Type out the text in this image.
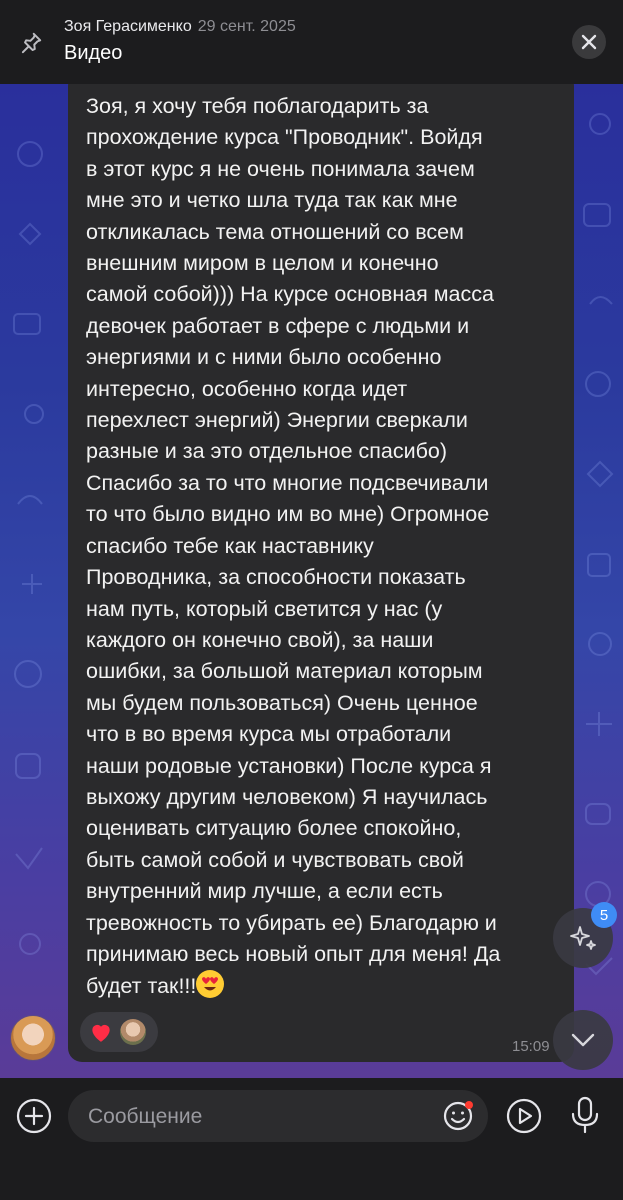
Зоя Герасименко 29 сент. 2025
Видео
Зоя, я хочу тебя поблагодарить за
прохождение курса "Проводник". Войдя
в этот курс я не очень понимала зачем
мне это и четко шла туда так как мне
откликалась тема отношений со всем
внешним миром в целом и конечно
самой собой))) На курсе основная масса
девочек работает в сфере с людьми и
энергиями и с ними было особенно
интересно, особенно когда идет
перехлест энергий) Энергии сверкали
разные и за это отдельное спасибо)
Спасибо за то что многие подсвечивали
то что было видно им во мне) Огромное
спасибо тебе как наставнику
Проводника, за способности показать
нам путь, который светится у нас (у
каждого он конечно свой), за наши
ошибки, за большой материал которым
мы будем пользоваться) Очень ценное
что в во время курса мы отработали
наши родовые установки) После курса я
выхожу другим человеком) Я научилась
оценивать ситуацию более спокойно,
быть самой собой и чувствовать свой
внутренний мир лучше, а если есть
тревожность то убирать ее) Благодарю и
принимаю весь новый опыт для меня! Да
будет так!!!
15:09
5
Сообщение
